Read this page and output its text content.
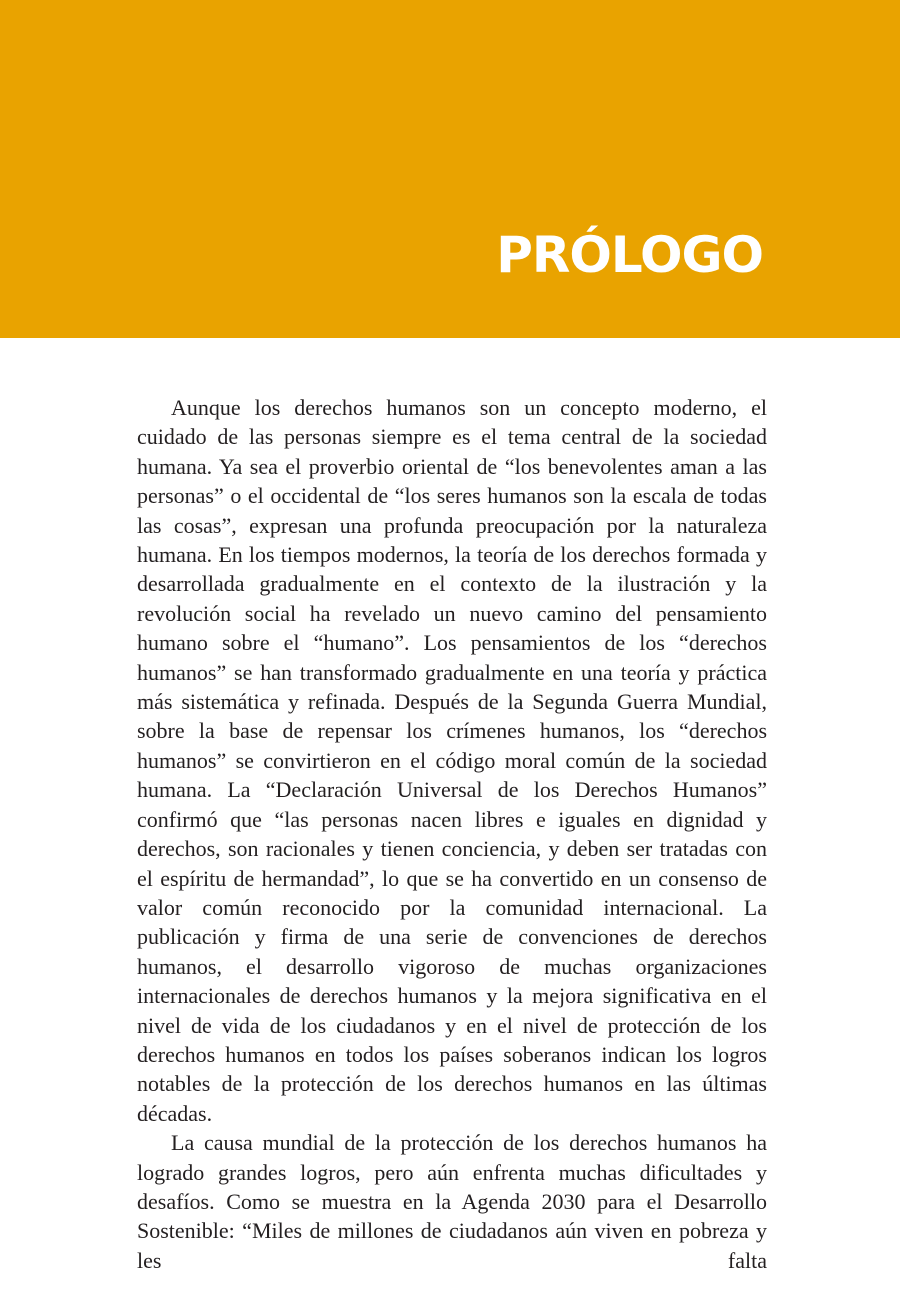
PRÓLOGO

Aunque los derechos humanos son un concepto moderno, el cuidado de las personas siempre es el tema central de la sociedad humana. Ya sea el proverbio oriental de “los benevolentes aman a las personas” o el occidental de “los seres humanos son la escala de todas las cosas”, expresan una profunda preocupación por la naturaleza humana. En los tiempos modernos, la teoría de los derechos formada y desarrollada gradualmente en el contexto de la ilustración y la revolución social ha revelado un nuevo camino del pensamiento humano sobre el “humano”. Los pensamientos de los “derechos humanos” se han transformado gradualmente en una teoría y práctica más sistemática y refinada. Después de la Segunda Guerra Mundial, sobre la base de repensar los crímenes humanos, los “derechos humanos” se convirtieron en el código moral común de la sociedad humana. La “Declaración Universal de los Derechos Humanos” confirmó que “las personas nacen libres e iguales en dignidad y derechos, son racionales y tienen conciencia, y deben ser tratadas con el espíritu de hermandad”, lo que se ha convertido en un consenso de valor común reconocido por la comunidad internacional. La publicación y firma de una serie de convenciones de derechos humanos, el desarrollo vigoroso de muchas organizaciones internacionales de derechos humanos y la mejora significativa en el nivel de vida de los ciudadanos y en el nivel de protección de los derechos humanos en todos los países soberanos indican los logros notables de la protección de los derechos humanos en las últimas décadas.

La causa mundial de la protección de los derechos humanos ha logrado grandes logros, pero aún enfrenta muchas dificultades y desafíos. Como se muestra en la Agenda 2030 para el Desarrollo Sostenible: “Miles de millones de ciudadanos aún viven en pobreza y les falta
